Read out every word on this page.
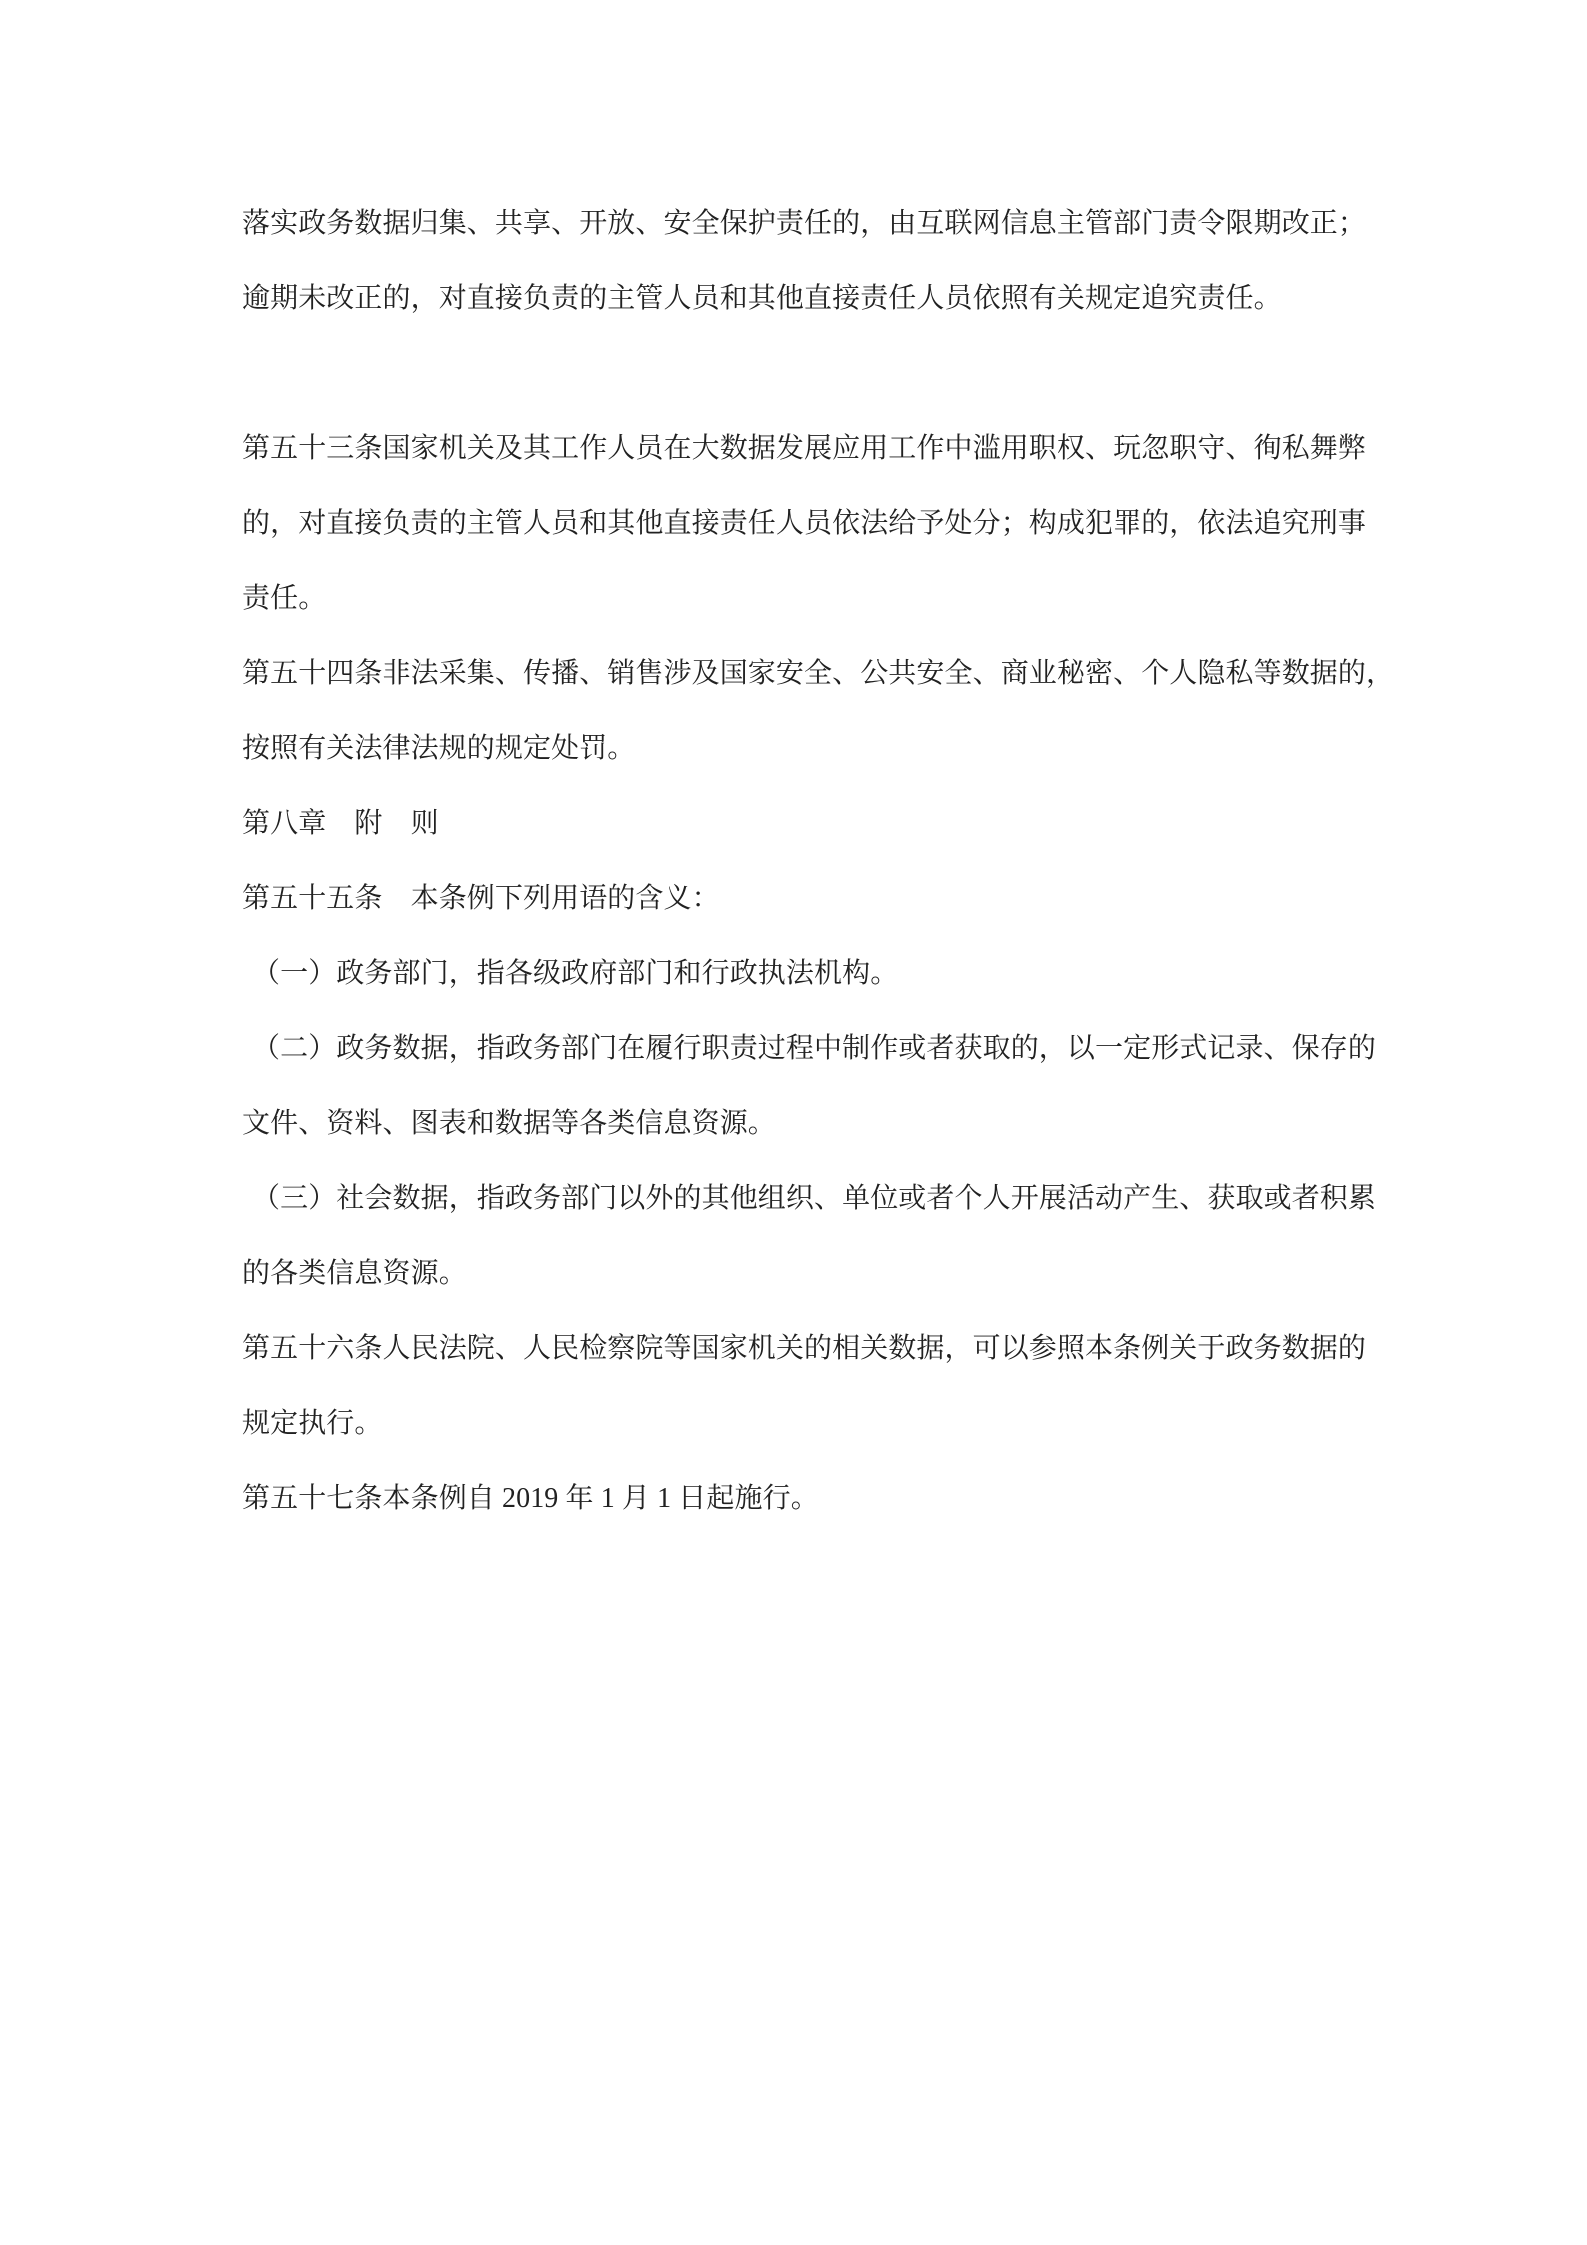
落实政务数据归集、共享、开放、安全保护责任的，由互联网信息主管部门责令限期改正；
逾期未改正的，对直接负责的主管人员和其他直接责任人员依照有关规定追究责任。
第五十三条国家机关及其工作人员在大数据发展应用工作中滥用职权、玩忽职守、徇私舞弊
的，对直接负责的主管人员和其他直接责任人员依法给予处分；构成犯罪的，依法追究刑事
责任。
第五十四条非法采集、传播、销售涉及国家安全、公共安全、商业秘密、个人隐私等数据的，
按照有关法律法规的规定处罚。
第八章　附　则
第五十五条　本条例下列用语的含义：
（一）政务部门，指各级政府部门和行政执法机构。
（二）政务数据，指政务部门在履行职责过程中制作或者获取的，以一定形式记录、保存的
文件、资料、图表和数据等各类信息资源。
（三）社会数据，指政务部门以外的其他组织、单位或者个人开展活动产生、获取或者积累
的各类信息资源。
第五十六条人民法院、人民检察院等国家机关的相关数据，可以参照本条例关于政务数据的
规定执行。
第五十七条本条例自 2019 年 1 月 1 日起施行。
